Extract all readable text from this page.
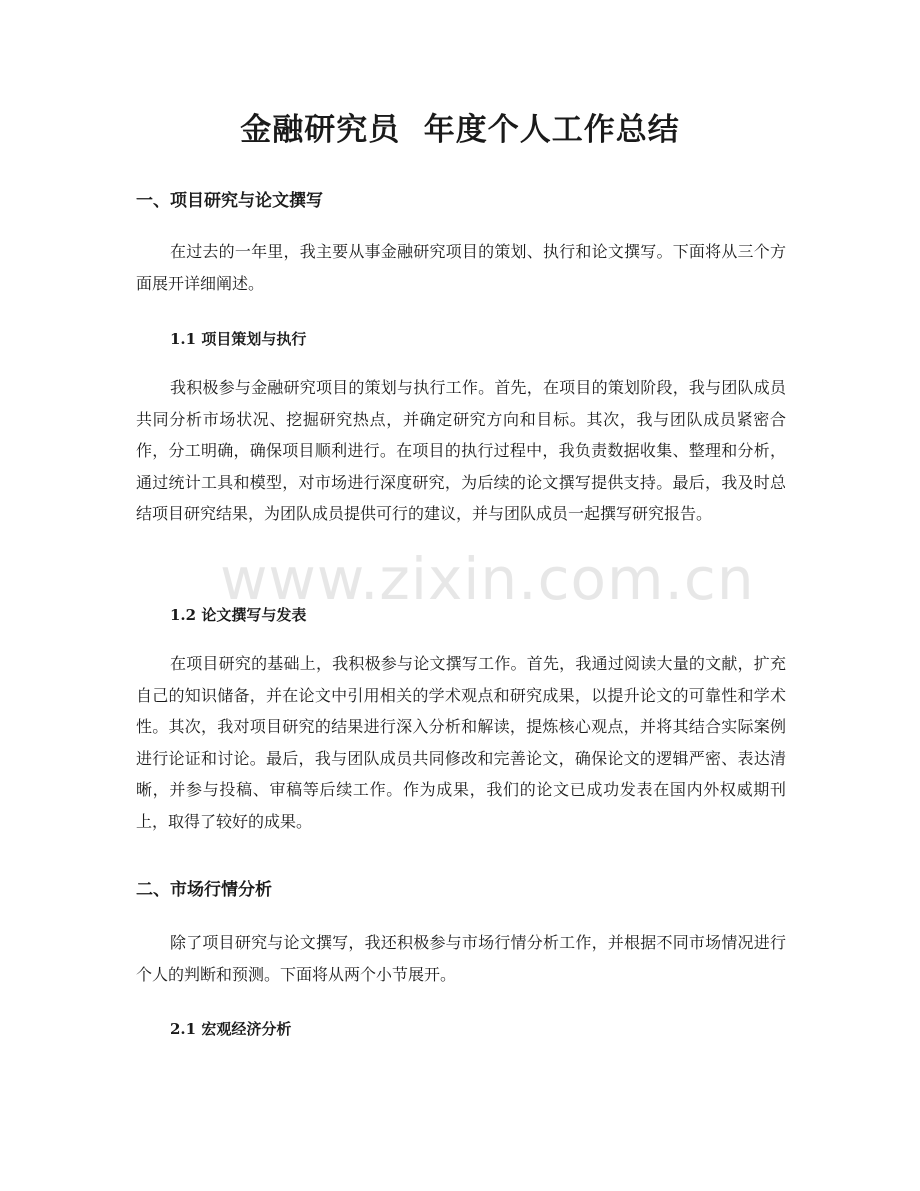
金融研究员  年度个人工作总结
一、项目研究与论文撰写

在过去的一年里，我主要从事金融研究项目的策划、执行和论文撰写。下面将从三个方面展开详细阐述。

1.1 项目策划与执行

我积极参与金融研究项目的策划与执行工作。首先，在项目的策划阶段，我与团队成员共同分析市场状况、挖掘研究热点，并确定研究方向和目标。其次，我与团队成员紧密合作，分工明确，确保项目顺利进行。在项目的执行过程中，我负责数据收集、整理和分析，通过统计工具和模型，对市场进行深度研究，为后续的论文撰写提供支持。最后，我及时总结项目研究结果，为团队成员提供可行的建议，并与团队成员一起撰写研究报告。

1.2 论文撰写与发表

在项目研究的基础上，我积极参与论文撰写工作。首先，我通过阅读大量的文献，扩充自己的知识储备，并在论文中引用相关的学术观点和研究成果，以提升论文的可靠性和学术性。其次，我对项目研究的结果进行深入分析和解读，提炼核心观点，并将其结合实际案例进行论证和讨论。最后，我与团队成员共同修改和完善论文，确保论文的逻辑严密、表达清晰，并参与投稿、审稿等后续工作。作为成果，我们的论文已成功发表在国内外权威期刊上，取得了较好的成果。

二、市场行情分析

除了项目研究与论文撰写，我还积极参与市场行情分析工作，并根据不同市场情况进行个人的判断和预测。下面将从两个小节展开。

2.1 宏观经济分析
www.zixin.com.cn
